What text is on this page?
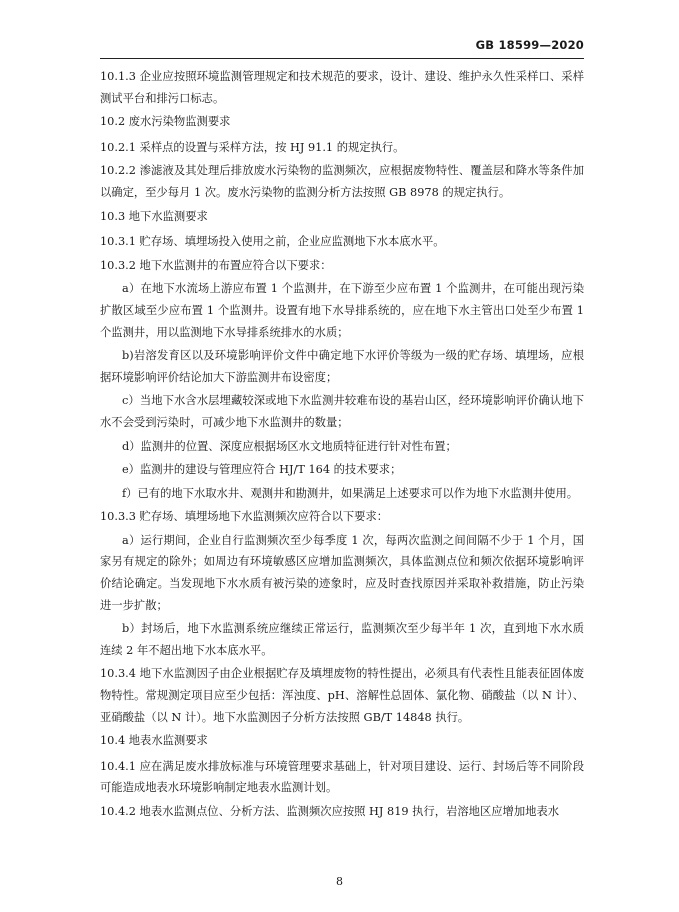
GB 18599—2020

10.1.3 企业应按照环境监测管理规定和技术规范的要求，设计、建设、维护永久性采样口、采样测试平台和排污口标志。

10.2 废水污染物监测要求

10.2.1 采样点的设置与采样方法，按 HJ 91.1 的规定执行。

10.2.2 渗滤液及其处理后排放废水污染物的监测频次，应根据废物特性、覆盖层和降水等条件加以确定，至少每月 1 次。废水污染物的监测分析方法按照 GB 8978 的规定执行。

10.3 地下水监测要求

10.3.1 贮存场、填埋场投入使用之前，企业应监测地下水本底水平。

10.3.2 地下水监测井的布置应符合以下要求：

a）在地下水流场上游应布置 1 个监测井，在下游至少应布置 1 个监测井，在可能出现污染扩散区域至少应布置 1 个监测井。设置有地下水导排系统的，应在地下水主管出口处至少布置 1 个监测井，用以监测地下水导排系统排水的水质；

b)岩溶发育区以及环境影响评价文件中确定地下水评价等级为一级的贮存场、填埋场，应根据环境影响评价结论加大下游监测井布设密度；

c）当地下水含水层埋藏较深或地下水监测井较难布设的基岩山区，经环境影响评价确认地下水不会受到污染时，可减少地下水监测井的数量；

d）监测井的位置、深度应根据场区水文地质特征进行针对性布置；

e）监测井的建设与管理应符合 HJ/T 164 的技术要求；

f）已有的地下水取水井、观测井和勘测井，如果满足上述要求可以作为地下水监测井使用。

10.3.3 贮存场、填埋场地下水监测频次应符合以下要求：

a）运行期间，企业自行监测频次至少每季度 1 次，每两次监测之间间隔不少于 1 个月，国家另有规定的除外；如周边有环境敏感区应增加监测频次，具体监测点位和频次依据环境影响评价结论确定。当发现地下水水质有被污染的迹象时，应及时查找原因并采取补救措施，防止污染进一步扩散；

b）封场后，地下水监测系统应继续正常运行，监测频次至少每半年 1 次，直到地下水水质连续 2 年不超出地下水本底水平。

10.3.4 地下水监测因子由企业根据贮存及填埋废物的特性提出，必须具有代表性且能表征固体废物特性。常规测定项目应至少包括：浑浊度、pH、溶解性总固体、氯化物、硝酸盐（以 N 计）、亚硝酸盐（以 N 计）。地下水监测因子分析方法按照 GB/T 14848 执行。

10.4 地表水监测要求

10.4.1 应在满足废水排放标准与环境管理要求基础上，针对项目建设、运行、封场后等不同阶段可能造成地表水环境影响制定地表水监测计划。

10.4.2 地表水监测点位、分析方法、监测频次应按照 HJ 819 执行，岩溶地区应增加地表水

8
